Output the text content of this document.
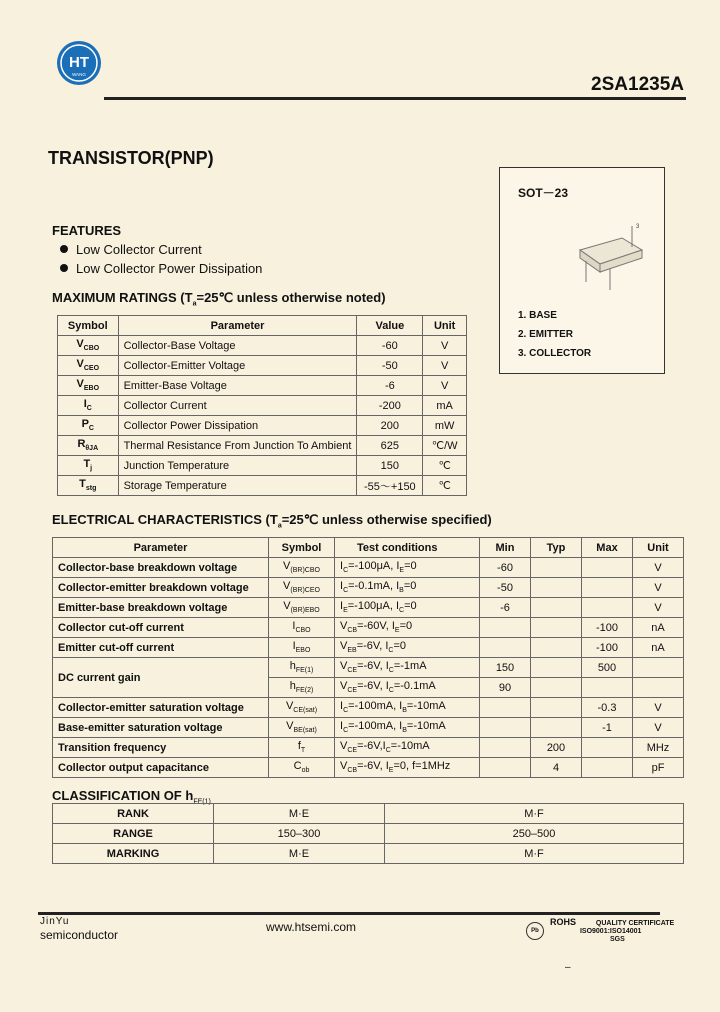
HT
WANG	2SA1235A
TRANSISTOR(PNP)
FEATURES
Low Collector Current
Low Collector Power Dissipation
SOT－23
3
1. BASE
2. EMITTER
3. COLLECTOR
MAXIMUM RATINGS ($T_a=25℃$ unless otherwise noted)
Symbol	Parameter	Value	Unit
$V_{CBO}$	Collector-Base Voltage	-60	V
$V_{CEO}$	Collector-Emitter Voltage	-50	V
$V_{EBO}$	Emitter-Base Voltage	-6	V
$I_C$	Collector Current	-200	mA
$P_C$	Collector Power Dissipation	200	mW
$R_{\theta JA}$	Thermal Resistance From Junction To Ambient	625	℃/W
$T_j$	Junction Temperature	150	℃
$T_{stg}$	Storage Temperature	-55～+150	℃
ELECTRICAL CHARACTERISTICS ($T_a=25℃$ unless otherwise specified)
Parameter	Symbol	Test conditions	Min	Typ	Max	Unit
Collector-base breakdown voltage	$V_{(BR)CBO}$	$I_C=-100\mu A$, $I_E=0$	-60			V
Collector-emitter breakdown voltage	$V_{(BR)CEO}$	$I_C=-0.1mA$, $I_B=0$	-50			V
Emitter-base breakdown voltage	$V_{(BR)EBO}$	$I_E=-100\mu A$, $I_C=0$	-6			V
Collector cut-off current	$I_{CBO}$	$V_{CB}=-60V$, $I_E=0$			-100	nA
Emitter cut-off current	$I_{EBO}$	$V_{EB}=-6V$, $I_C=0$			-100	nA
DC current gain	$h_{FE(1)}$	$V_{CE}=-6V$, $I_C=-1mA$	150		500	
	$h_{FE(2)}$	$V_{CE}=-6V$, $I_C=-0.1mA$	90			
Collector-emitter saturation voltage	$V_{CE(sat)}$	$I_C=-100mA$, $I_B=-10mA$			-0.3	V
Base-emitter saturation voltage	$V_{BE(sat)}$	$I_C=-100mA$, $I_B=-10mA$			-1	V
Transition frequency	$f_T$	$V_{CE}=-6V,I_C=-10mA$		200		MHz
Collector output capacitance	$C_{ob}$	$V_{CB}=-6V$, $I_E=0$, f=1MHz		4		pF
CLASSIFICATION OF $h_{FE(1)}$
RANK	M·E	M·F
RANGE	150–300	250–500
MARKING	M·E	M·F
JinYu
semiconductor
www.htsemi.com	Pb ROHS	QUALITY CERTIFICATE
ISO9001:ISO14001
SGS
–
